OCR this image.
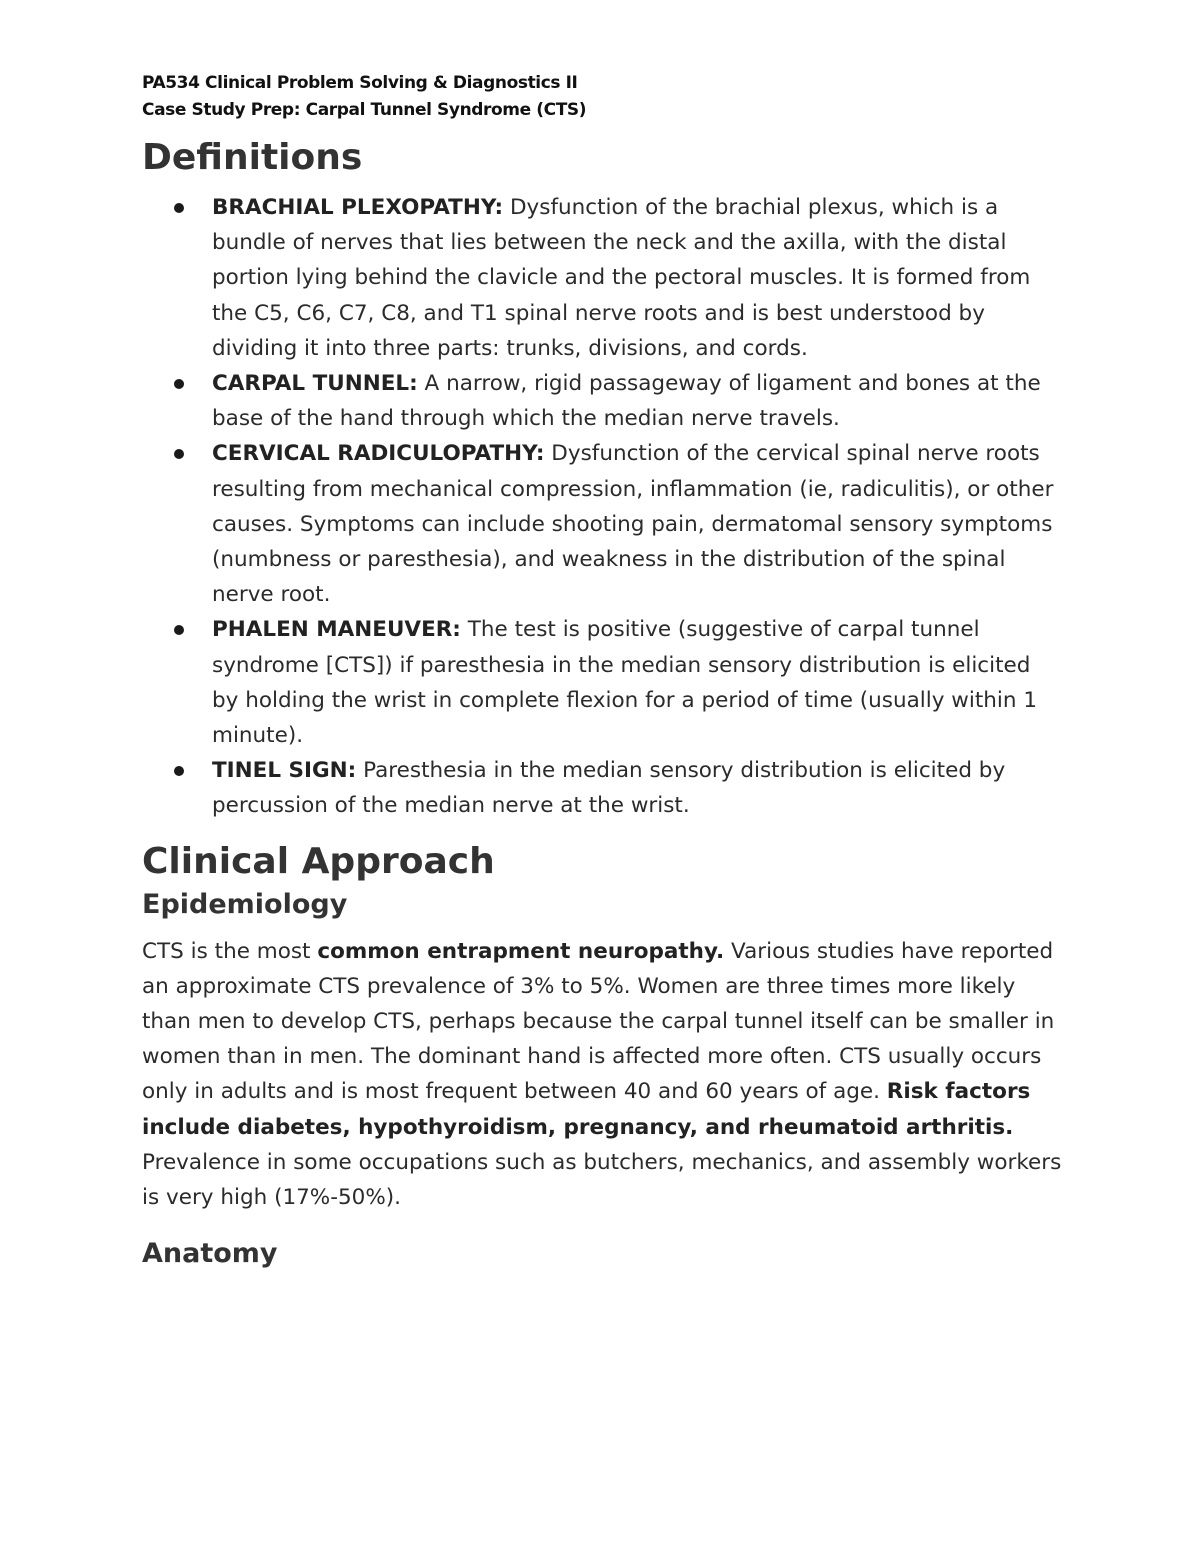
PA534 Clinical Problem Solving & Diagnostics II
Case Study Prep: Carpal Tunnel Syndrome (CTS)
Definitions
BRACHIAL PLEXOPATHY: Dysfunction of the brachial plexus, which is a bundle of nerves that lies between the neck and the axilla, with the distal portion lying behind the clavicle and the pectoral muscles. It is formed from the C5, C6, C7, C8, and T1 spinal nerve roots and is best understood by dividing it into three parts: trunks, divisions, and cords.
CARPAL TUNNEL: A narrow, rigid passageway of ligament and bones at the base of the hand through which the median nerve travels.
CERVICAL RADICULOPATHY: Dysfunction of the cervical spinal nerve roots resulting from mechanical compression, inflammation (ie, radiculitis), or other causes. Symptoms can include shooting pain, dermatomal sensory symptoms (numbness or paresthesia), and weakness in the distribution of the spinal nerve root.
PHALEN MANEUVER: The test is positive (suggestive of carpal tunnel syndrome [CTS]) if paresthesia in the median sensory distribution is elicited by holding the wrist in complete flexion for a period of time (usually within 1 minute).
TINEL SIGN: Paresthesia in the median sensory distribution is elicited by percussion of the median nerve at the wrist.
Clinical Approach
Epidemiology

CTS is the most common entrapment neuropathy. Various studies have reported an approximate CTS prevalence of 3% to 5%. Women are three times more likely than men to develop CTS, perhaps because the carpal tunnel itself can be smaller in women than in men. The dominant hand is affected more often. CTS usually occurs only in adults and is most frequent between 40 and 60 years of age. Risk factors include diabetes, hypothyroidism, pregnancy, and rheumatoid arthritis. Prevalence in some occupations such as butchers, mechanics, and assembly workers is very high (17%-50%).

Anatomy
